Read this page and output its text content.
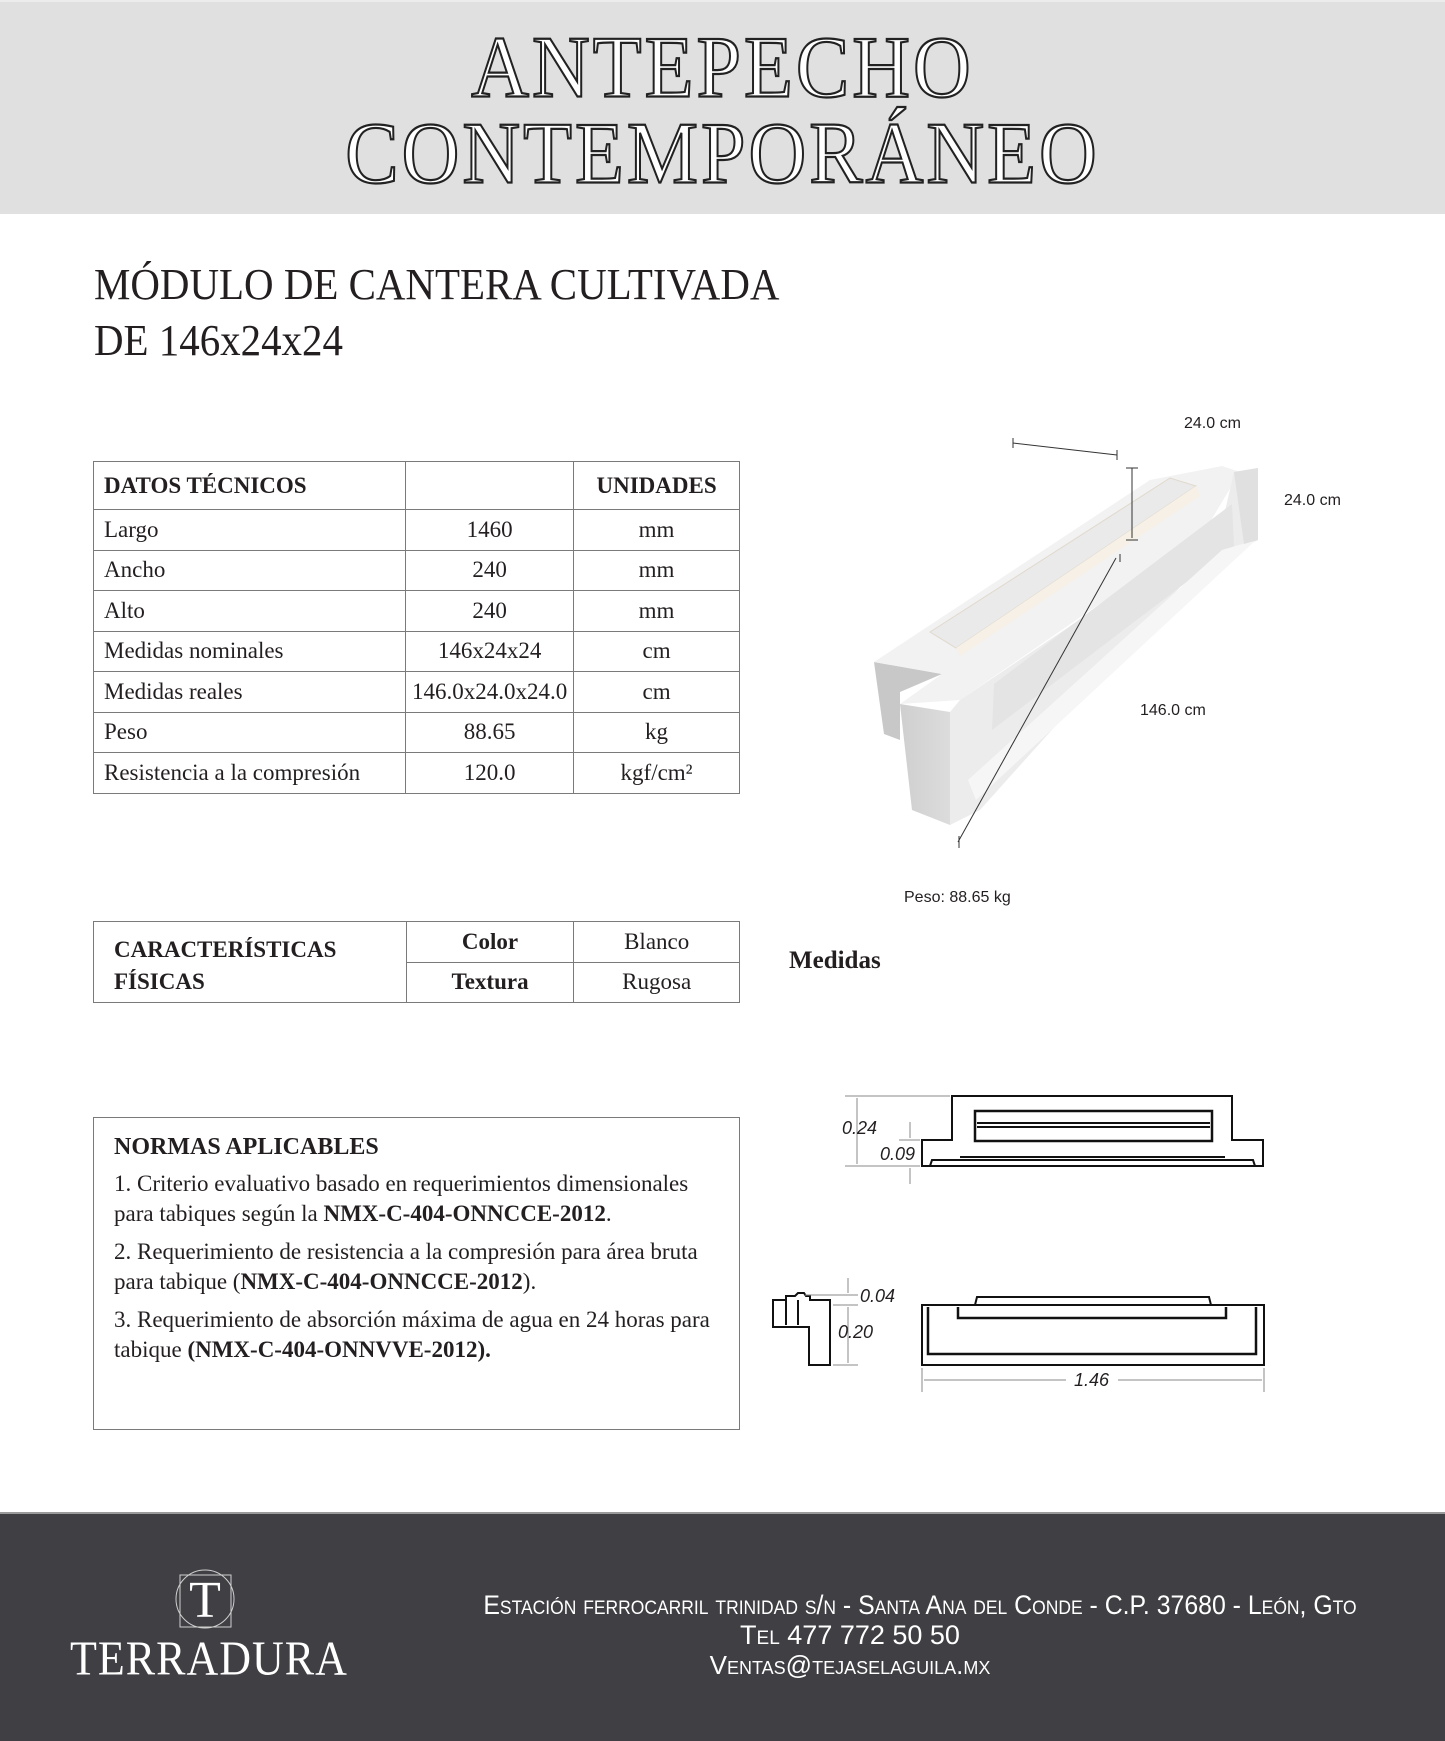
ANTEPECHO
CONTEMPORÁNEO
MÓDULO DE CANTERA CULTIVADA
DE 146x24x24
DATOS TÉCNICOS		UNIDADES
Largo	1460	mm
Ancho	240	mm
Alto	240	mm
Medidas nominales	146x24x24	cm
Medidas reales	146.0x24.0x24.0	cm
Peso	88.65	kg
Resistencia a la compresión	120.0	kgf/cm²
CARACTERÍSTICAS
FÍSICAS	Color	Blanco
	Textura	Rugosa
Medidas
NORMAS APLICABLES
1. Criterio evaluativo basado en requerimientos dimensionales para tabiques según la NMX-C-404-ONNCCE-2012.
2. Requerimiento de resistencia a la compresión para área bruta para tabique (NMX-C-404-ONNCCE-2012).
3. Requerimiento de absorción máxima de agua en 24 horas para tabique (NMX-C-404-ONNVVE-2012).
24.0 cm
24.0 cm
146.0 cm
Peso: 88.65 kg
0.24
0.09
0.04
0.20
1.46
T
TERRADURA
Estación ferrocarril trinidad s/n - Santa Ana del Conde - C.P. 37680 - León, Gto
Tel 477 772 50 50
Ventas@tejaselaguila.mx
